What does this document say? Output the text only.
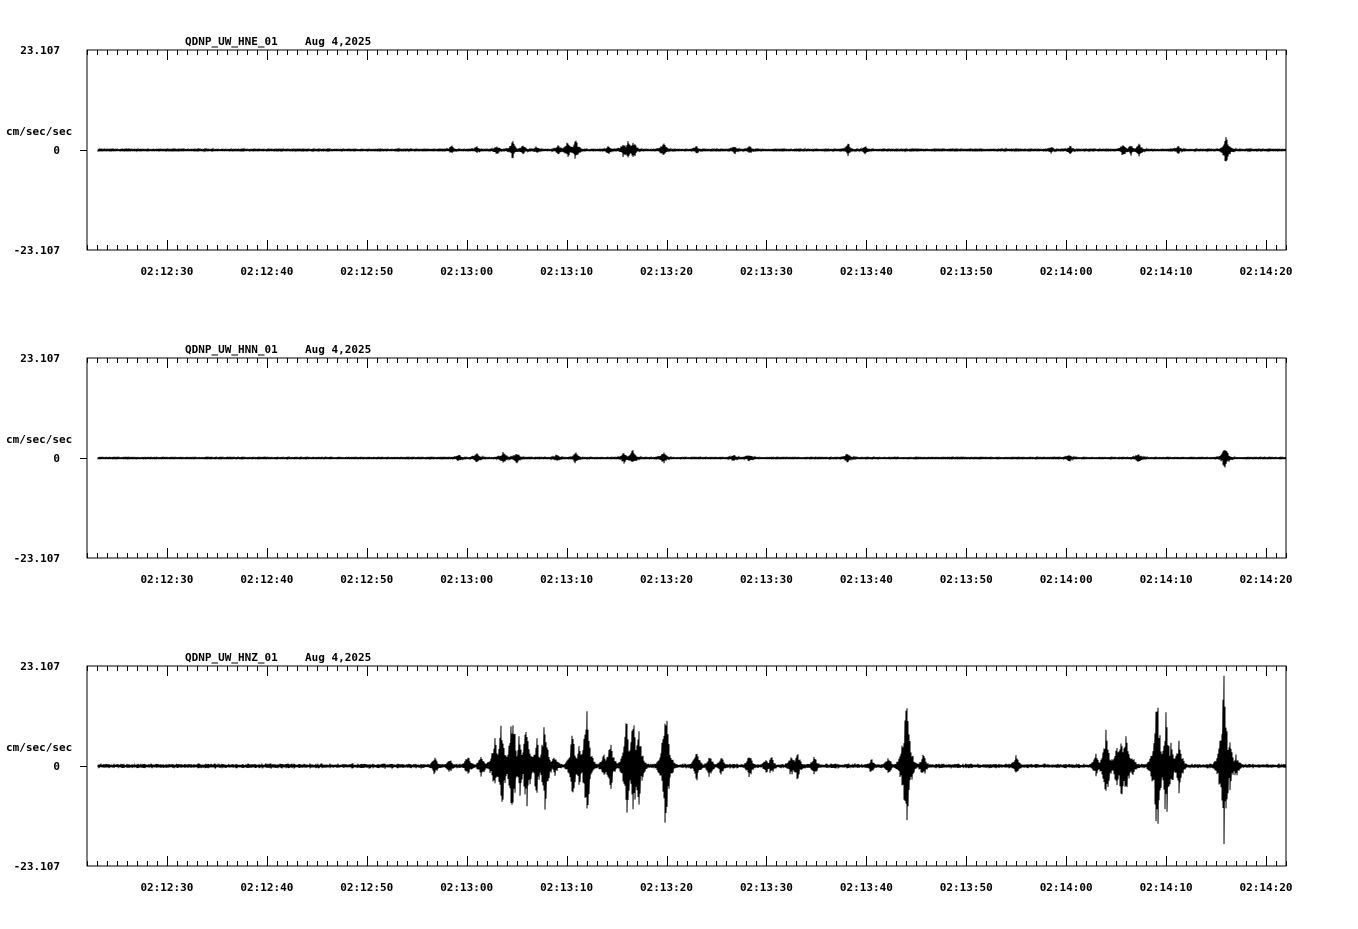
23.107
0
-23.107
cm/sec/sec
QDNP_UW_HNE_01 Aug 4,2025
02:12:30	02:12:40	02:12:50	02:13:00	02:13:10	02:13:20	02:13:30	02:13:40	02:13:50	02:14:00	02:14:10	02:14:20
23.107
0
-23.107
cm/sec/sec
QDNP_UW_HNN_01 Aug 4,2025
02:12:30	02:12:40	02:12:50	02:13:00	02:13:10	02:13:20	02:13:30	02:13:40	02:13:50	02:14:00	02:14:10	02:14:20
23.107
0
-23.107
cm/sec/sec
QDNP_UW_HNZ_01 Aug 4,2025
02:12:30	02:12:40	02:12:50	02:13:00	02:13:10	02:13:20	02:13:30	02:13:40	02:13:50	02:14:00	02:14:10	02:14:20
